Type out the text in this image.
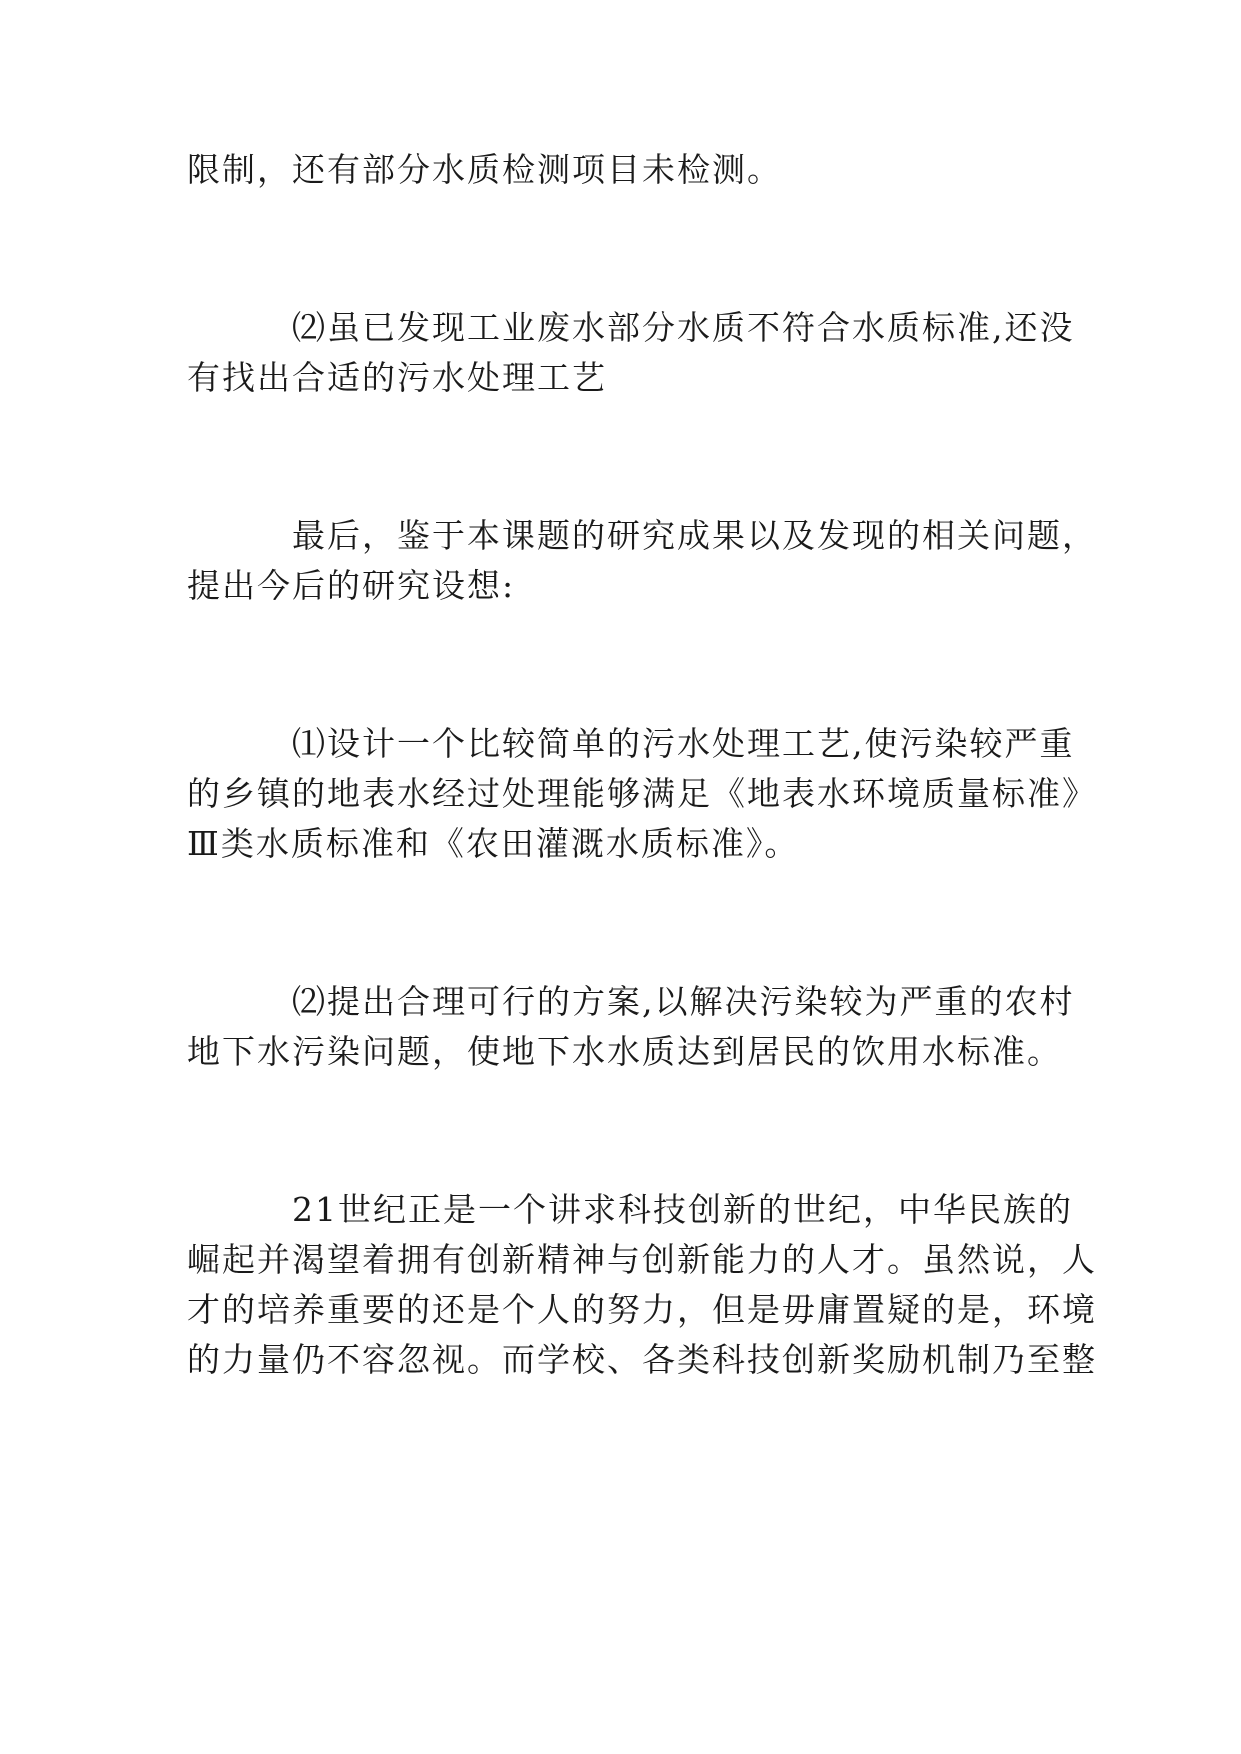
限制，还有部分水质检测项目未检测。
⑵虽已发现工业废水部分水质不符合水质标准,还没
有找出合适的污水处理工艺
最后，鉴于本课题的研究成果以及发现的相关问题，
提出今后的研究设想:
⑴设计一个比较简单的污水处理工艺,使污染较严重
的乡镇的地表水经过处理能够满足《地表水环境质量标准》
Ⅲ类水质标准和《农田灌溉水质标准》。
⑵提出合理可行的方案,以解决污染较为严重的农村
地下水污染问题，使地下水水质达到居民的饮用水标准。
21世纪正是一个讲求科技创新的世纪，中华民族的
崛起并渴望着拥有创新精神与创新能力的人才。虽然说，人
才的培养重要的还是个人的努力，但是毋庸置疑的是，环境
的力量仍不容忽视。而学校、各类科技创新奖励机制乃至整
